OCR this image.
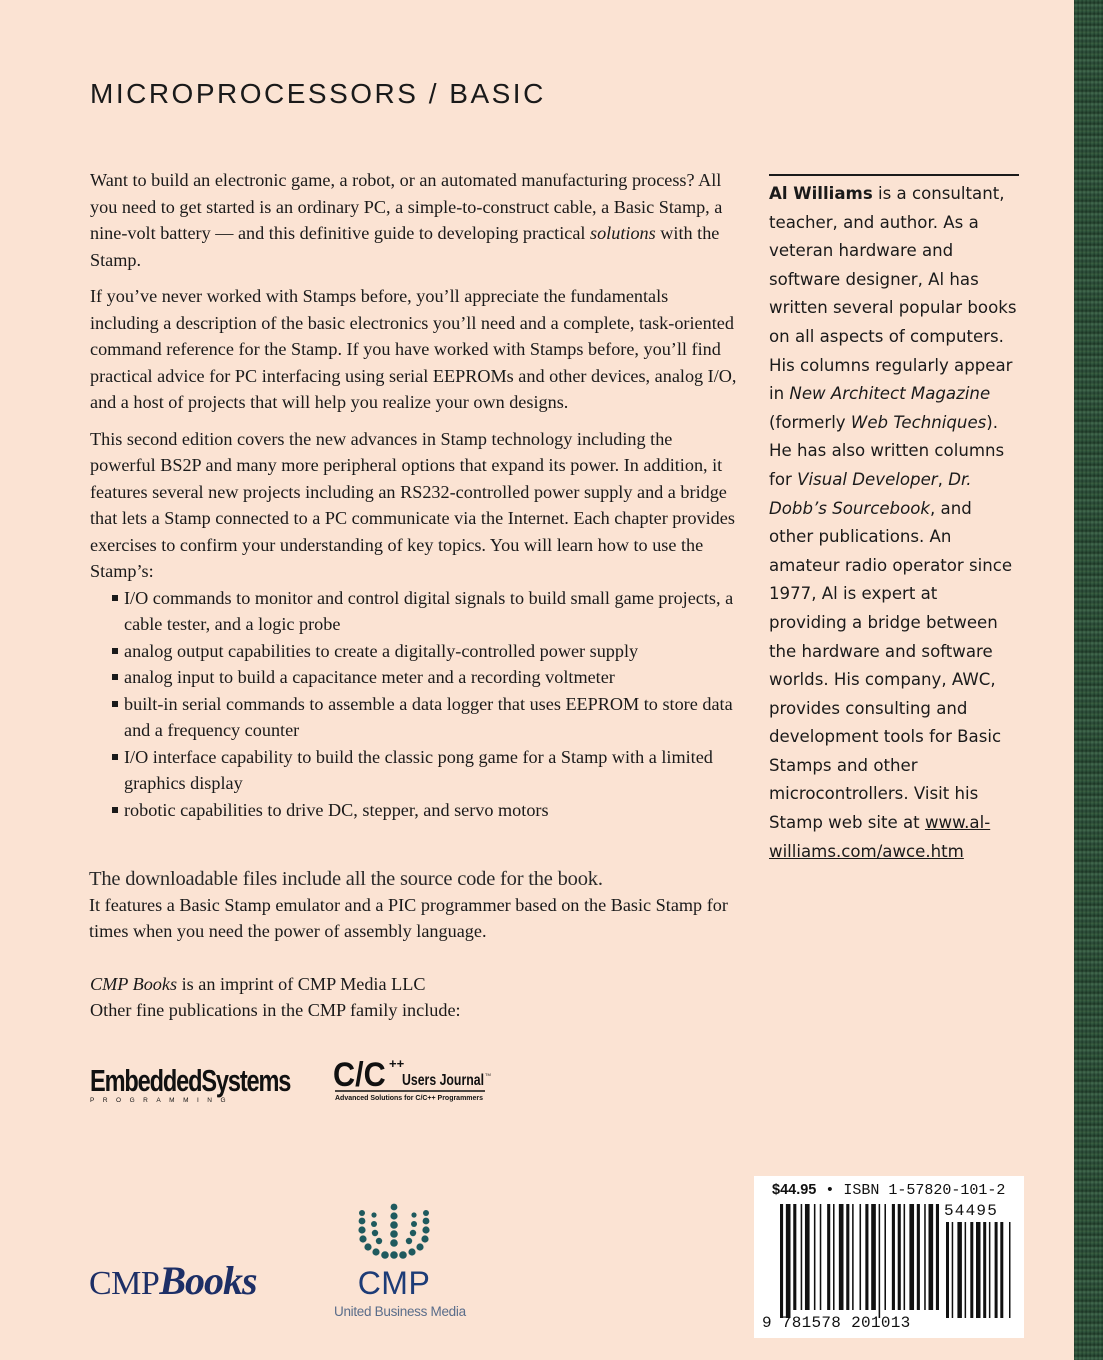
MICROPROCESSORS / BASIC

Want to build an electronic game, a robot, or an automated manufacturing process? All you need to get started is an ordinary PC, a simple-to-construct cable, a Basic Stamp, a nine-volt battery — and this definitive guide to developing practical solutions with the Stamp.

If you’ve never worked with Stamps before, you’ll appreciate the fundamentals including a description of the basic electronics you’ll need and a complete, task-oriented command reference for the Stamp. If you have worked with Stamps before, you’ll find practical advice for PC interfacing using serial EEPROMs and other devices, analog I/O, and a host of projects that will help you realize your own designs.

This second edition covers the new advances in Stamp technology including the powerful BS2P and many more peripheral options that expand its power. In addition, it features several new projects including an RS232-controlled power supply and a bridge that lets a Stamp connected to a PC communicate via the Internet. Each chapter provides exercises to confirm your understanding of key topics. You will learn how to use the Stamp’s:

I/O commands to monitor and control digital signals to build small game projects, a cable tester, and a logic probe
analog output capabilities to create a digitally-controlled power supply
analog input to build a capacitance meter and a recording voltmeter
built-in serial commands to assemble a data logger that uses EEPROM to store data and a frequency counter
I/O interface capability to build the classic pong game for a Stamp with a limited graphics display
robotic capabilities to drive DC, stepper, and servo motors
The downloadable files include all the source code for the book.
It features a Basic Stamp emulator and a PIC programmer based on the Basic Stamp for times when you need the power of assembly language.
CMP Books is an imprint of CMP Media LLC
Other fine publications in the CMP family include:

Al Williams is a consultant, teacher, and author. As a veteran hardware and software designer, Al has written several popular books on all aspects of computers. His columns regularly appear in New Architect Magazine (formerly Web Techniques). He has also written columns for Visual Developer, Dr. Dobb’s Sourcebook, and other publications. An amateur radio operator since 1977, Al is expert at providing a bridge between the hardware and software worlds. His company, AWC, provides consulting and development tools for Basic Stamps and other microcontrollers. Visit his Stamp web site at www.al-williams.com/awce.htm

EmbeddedSystems
PROGRAMMING
C/C ++
Users Journal TM
Advanced Solutions for C/C++ Programmers
CMPBooks	CMP
United Business Media
$44.95 • ISBN 1-57820-101-2
54495
9 781578 201013
